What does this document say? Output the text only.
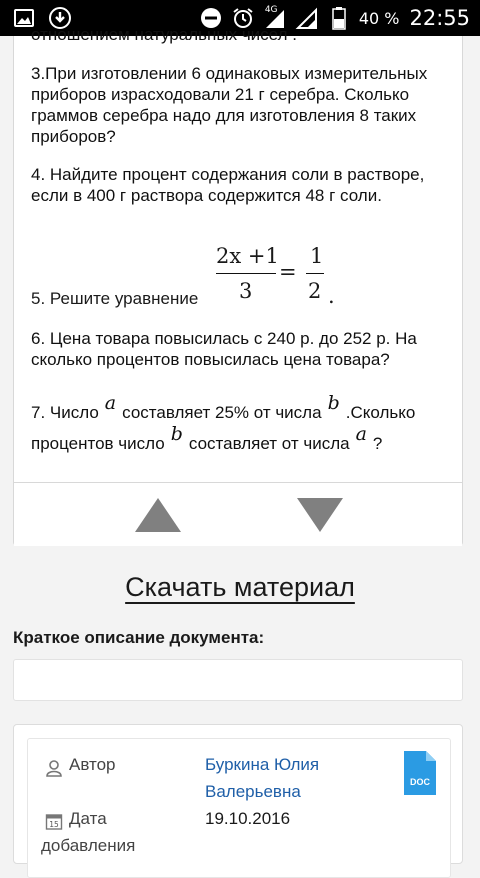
4G	40 % 22:55
отношением натуральных чисел .
3.При изготовлении 6 одинаковых измерительных приборов израсходовали 21 г серебра. Сколько граммов серебра надо для изготовления 8 таких приборов?
4. Найдите процент содержания соли в растворе, если в 400 г раствора содержится 48 г соли.
5. Решите уравнение
2x +1
3
=
1
2 .
6. Цена товара повысилась с 240 р. до 252 р. На сколько процентов повысилась цена товара?
7. Число a составляет 25% от числа b .Сколько процентов число b составляет от числа a ?
Скачать материал
Краткое описание документа:
Автор	Буркина Юлия
Валерьевна
15 Дата
добавления
19.10.2016
DOC
